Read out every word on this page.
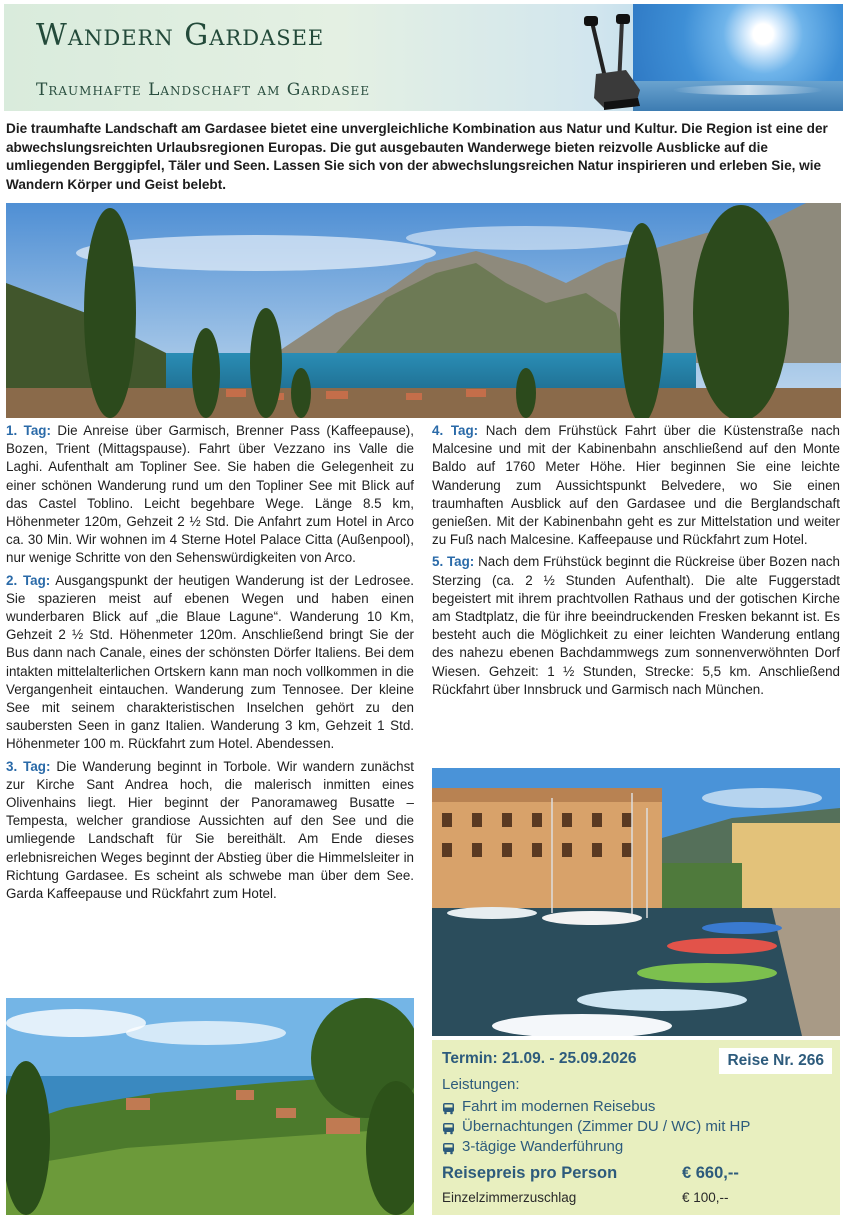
Wandern Gardasee
Traumhafte Landschaft am Gardasee
Die traumhafte Landschaft am Gardasee bietet eine unvergleichliche Kombination aus Natur und Kultur. Die Region ist eine der abwechslungsreichten Urlaubsregionen Europas. Die gut ausgebauten Wanderwege bieten reizvolle Ausblicke auf die umliegenden Berggipfel, Täler und Seen. Lassen Sie sich von der abwechslungsreichen Natur inspirieren und erleben Sie, wie Wandern Körper und Geist belebt.

1. Tag: Die Anreise über Garmisch, Brenner Pass (Kaffeepause), Bozen, Trient (Mittagspause). Fahrt über Vezzano ins Valle die Laghi. Aufenthalt am Topliner See. Sie haben die Gelegenheit zu einer schönen Wanderung rund um den Topliner See mit Blick auf das Castel Toblino. Leicht begehbare Wege. Länge 8.5 km, Höhenmeter 120m, Gehzeit 2 ½ Std. Die Anfahrt zum Hotel in Arco ca. 30 Min. Wir wohnen im 4 Sterne Hotel Palace Citta (Außenpool), nur wenige Schritte von den Sehenswürdigkeiten von Arco.

2. Tag: Ausgangspunkt der heutigen Wanderung ist der Ledrosee. Sie spazieren meist auf ebenen Wegen und haben einen wunderbaren Blick auf „die Blaue Lagune“. Wanderung 10 Km, Gehzeit 2 ½ Std. Höhenmeter 120m. Anschließend bringt Sie der Bus dann nach Canale, eines der schönsten Dörfer Italiens. Bei dem intakten mittelalterlichen Ortskern kann man noch vollkommen in die Vergangenheit eintauchen. Wanderung zum Tennosee. Der kleine See mit seinem charakteristischen Inselchen gehört zu den saubersten Seen in ganz Italien. Wanderung 3 km, Gehzeit 1 Std. Höhenmeter 100 m. Rückfahrt zum Hotel. Abendessen.

3. Tag: Die Wanderung beginnt in Torbole. Wir wandern zunächst zur Kirche Sant Andrea hoch, die malerisch inmitten eines Olivenhains liegt. Hier beginnt der Panoramaweg Busatte – Tempesta, welcher grandiose Aussichten auf den See und die umliegende Landschaft für Sie bereithält. Am Ende dieses erlebnisreichen Weges beginnt der Abstieg über die Himmelsleiter in Richtung Gardasee. Es scheint als schwebe man über dem See. Garda Kaffeepause und Rückfahrt zum Hotel.

4. Tag: Nach dem Frühstück Fahrt über die Küstenstraße nach Malcesine und mit der Kabinenbahn anschließend auf den Monte Baldo auf 1760 Meter Höhe. Hier beginnen Sie eine leichte Wanderung zum Aussichtspunkt Belvedere, wo Sie einen traumhaften Ausblick auf den Gardasee und die Berglandschaft genießen. Mit der Kabinenbahn geht es zur Mittelstation und weiter zu Fuß nach Malcesine. Kaffeepause und Rückfahrt zum Hotel.

5. Tag: Nach dem Frühstück beginnt die Rückreise über Bozen nach Sterzing (ca. 2 ½ Stunden Aufenthalt). Die alte Fuggerstadt begeistert mit ihrem prachtvollen Rathaus und der gotischen Kirche am Stadtplatz, die für ihre beeindruckenden Fresken bekannt ist. Es besteht auch die Möglichkeit zu einer leichten Wanderung entlang des nahezu ebenen Bachdammwegs zum sonnenverwöhnten Dorf Wiesen. Gehzeit: 1 ½ Stunden, Strecke: 5,5 km. Anschließend Rückfahrt über Innsbruck und Garmisch nach München.

Termin: 21.09. - 25.09.2026	Reise Nr. 266
Leistungen:
Fahrt im modernen Reisebus
Übernachtungen (Zimmer DU / WC) mit HP
3-tägige Wanderführung
Reisepreis pro Person	€ 660,--
Einzelzimmerzuschlag	€ 100,--
